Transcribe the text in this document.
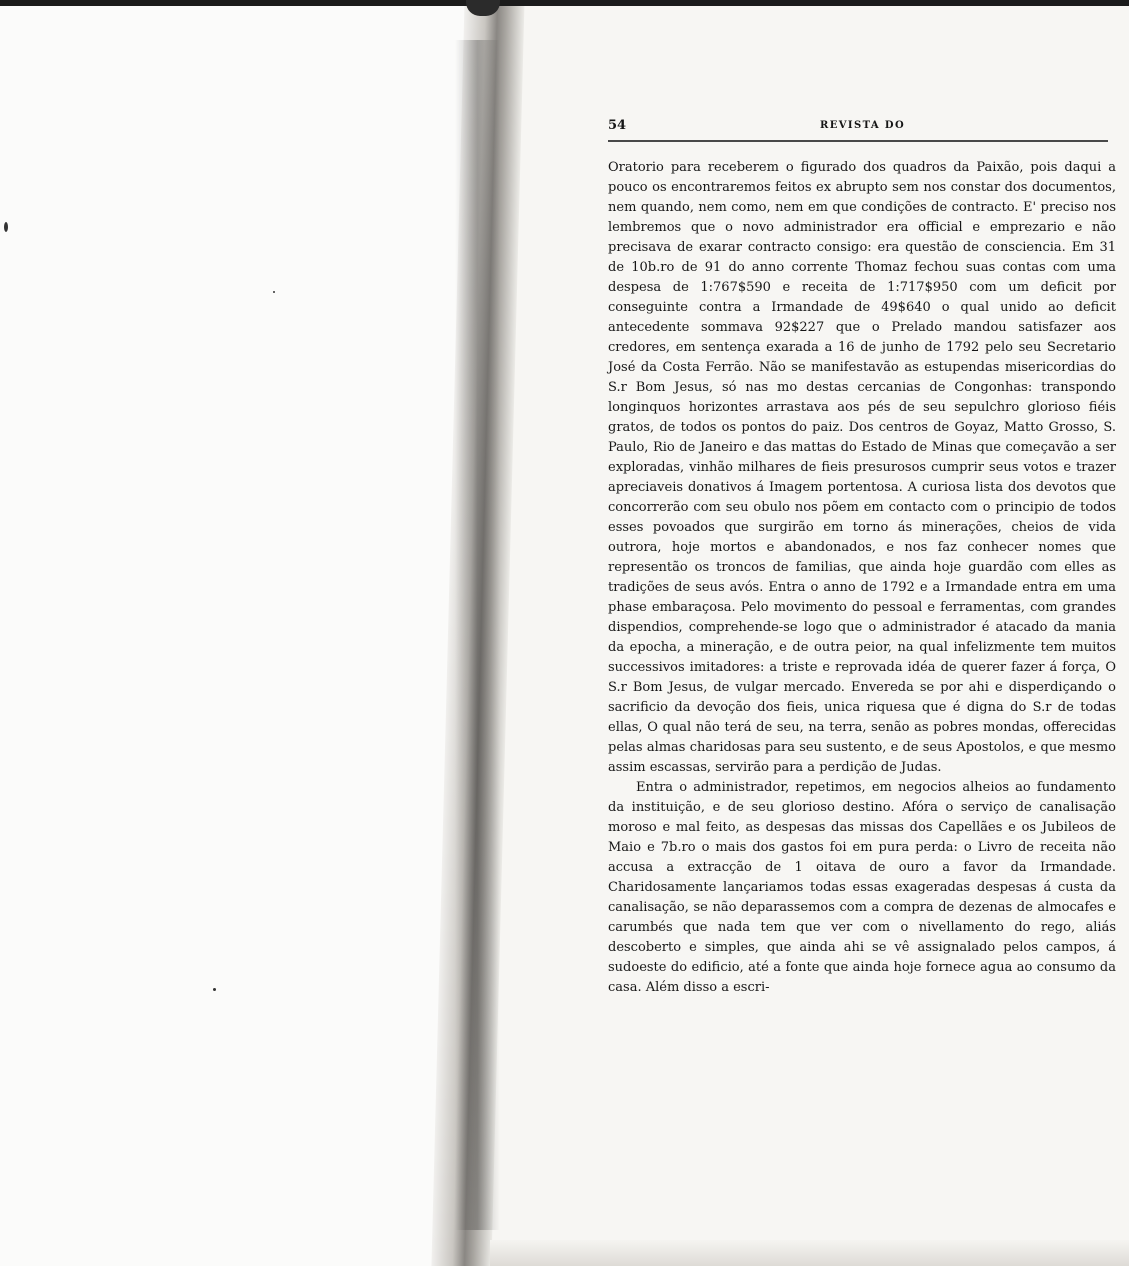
54	REVISTA DO

Oratorio para receberem o figurado dos quadros da Paixão, pois daqui a pouco os encontraremos feitos ex abrupto sem nos constar dos documentos, nem quando, nem como, nem em que condições de contracto. E' preciso nos lembremos que o novo administrador era official e emprezario e não precisava de exarar contracto consigo: era questão de consciencia. Em 31 de 10b.ro de 91 do anno corrente Thomaz fechou suas contas com uma despesa de 1:767$590 e receita de 1:717$950 com um deficit por conseguinte contra a Irmandade de 49$640 o qual unido ao deficit antecedente sommava 92$227 que o Prelado mandou satisfazer aos credores, em sentença exarada a 16 de junho de 1792 pelo seu Secretario José da Costa Ferrão. Não se manifestavão as estupendas misericordias do S.r Bom Jesus, só nas mo destas cercanias de Congonhas: transpondo longinquos horizontes arrastava aos pés de seu sepulchro glorioso fiéis gratos, de todos os pontos do paiz. Dos centros de Goyaz, Matto Grosso, S. Paulo, Rio de Janeiro e das mattas do Estado de Minas que começavão a ser exploradas, vinhão milhares de fieis presurosos cumprir seus votos e trazer apreciaveis donativos á Imagem portentosa. A curiosa lista dos devotos que concorrerão com seu obulo nos põem em contacto com o principio de todos esses povoados que surgirão em torno ás minerações, cheios de vida outrora, hoje mortos e abandonados, e nos faz conhecer nomes que representão os troncos de familias, que ainda hoje guardão com elles as tradições de seus avós. Entra o anno de 1792 e a Irmandade entra em uma phase embaraçosa. Pelo movimento do pessoal e ferramentas, com grandes dispendios, comprehende-se logo que o administrador é atacado da mania da epocha, a mineração, e de outra peior, na qual infelizmente tem muitos successivos imitadores: a triste e reprovada idéa de querer fazer á força, O S.r Bom Jesus, de vulgar mercado. Envereda se por ahi e disperdiçando o sacrificio da devoção dos fieis, unica riquesa que é digna do S.r de todas ellas, O qual não terá de seu, na terra, senão as pobres mondas, offerecidas pelas almas charidosas para seu sustento, e de seus Apostolos, e que mesmo assim escassas, servirão para a perdição de Judas.

Entra o administrador, repetimos, em negocios alheios ao fundamento da instituição, e de seu glorioso destino. Afóra o serviço de canalisação moroso e mal feito, as despesas das missas dos Capellães e os Jubileos de Maio e 7b.ro o mais dos gastos foi em pura perda: o Livro de receita não accusa a extracção de 1 oitava de ouro a favor da Irmandade. Charidosamente lançariamos todas essas exageradas despesas á custa da canalisação, se não deparassemos com a compra de dezenas de almocafes e carumbés que nada tem que ver com o nivellamento do rego, aliás descoberto e simples, que ainda ahi se vê assignalado pelos campos, á sudoeste do edificio, até a fonte que ainda hoje fornece agua ao consumo da casa. Além disso a escri-
